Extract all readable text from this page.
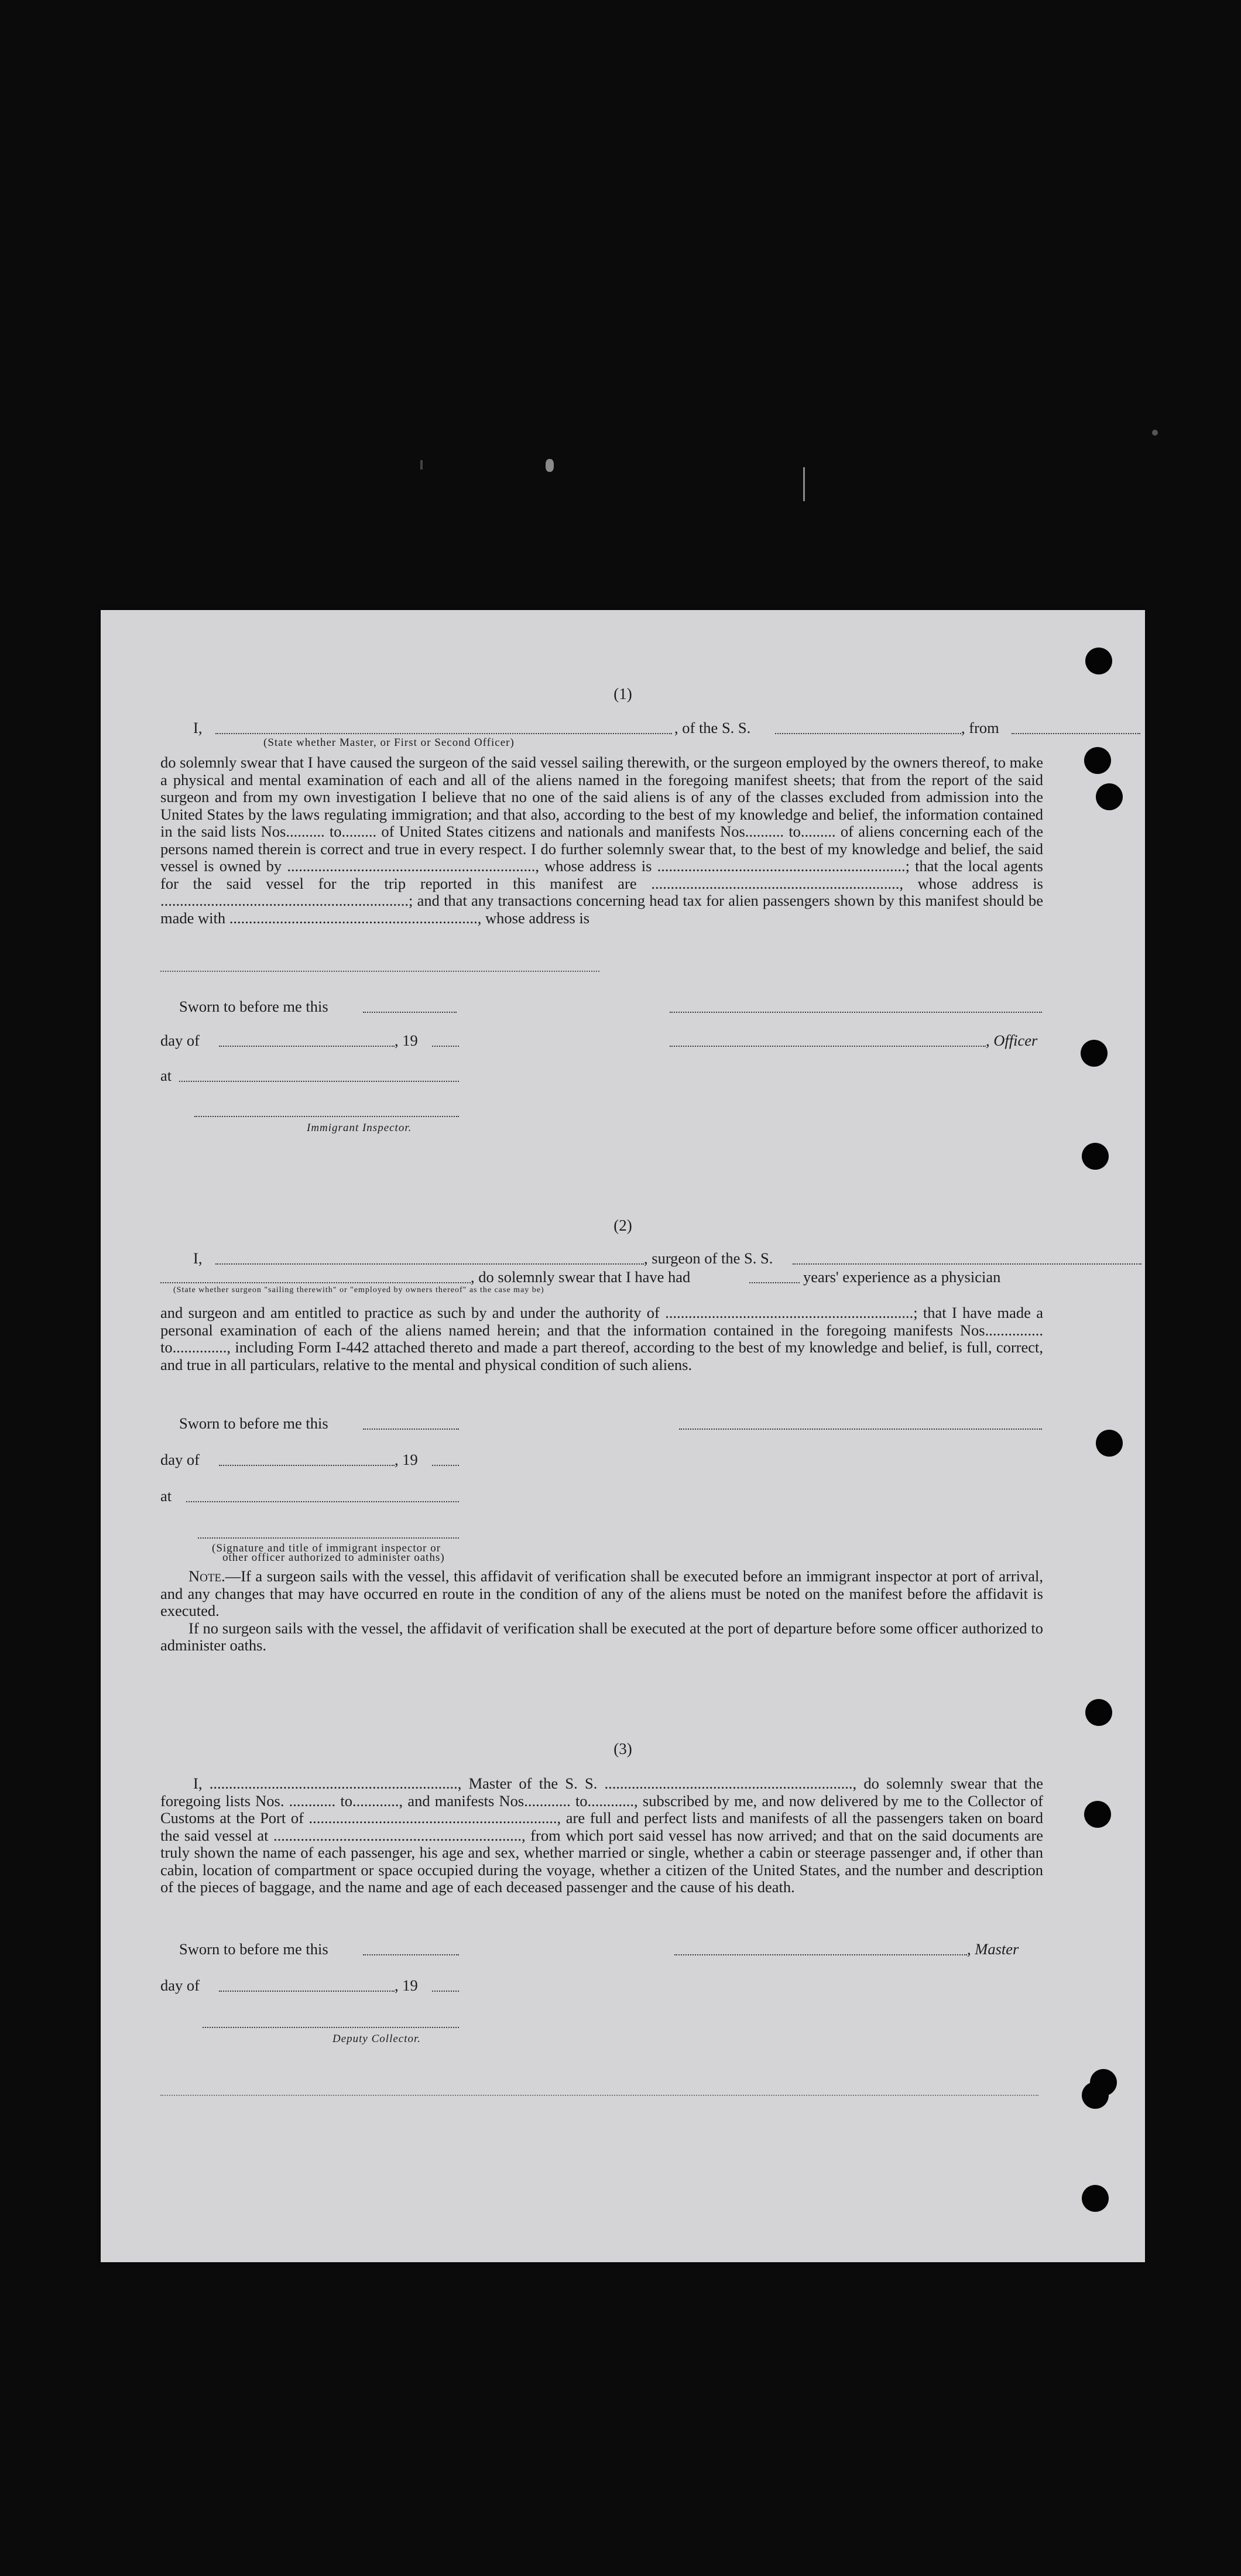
(1)
I,	, of the S. S.	, from
(State whether Master, or First or Second Officer)

do solemnly swear that I have caused the surgeon of the said vessel sailing therewith, or the surgeon employed by the owners thereof, to make a physical and mental examination of each and all of the aliens named in the foregoing manifest sheets; that from the report of the said surgeon and from my own investigation I believe that no one of the said aliens is of any of the classes excluded from admission into the United States by the laws regulating immigration; and that also, according to the best of my knowledge and belief, the information contained in the said lists Nos.......... to......... of United States citizens and nationals and manifests Nos.......... to......... of aliens concerning each of the persons named therein is correct and true in every respect. I do further solemnly swear that, to the best of my knowledge and belief, the said vessel is owned by ................................................................, whose address is ................................................................; that the local agents for the said vessel for the trip reported in this manifest are ................................................................, whose address is ................................................................; and that any transactions concerning head tax for alien passengers shown by this manifest should be made with ................................................................, whose address is

Sworn to before me this
day of	, 19	, Officer
at
Immigrant Inspector.
(2)
I,	, surgeon of the S. S.
, do solemnly swear that I have had	years' experience as a physician
(State whether surgeon "sailing therewith" or "employed by owners thereof" as the case may be)

and surgeon and am entitled to practice as such by and under the authority of ................................................................; that I have made a personal examination of each of the aliens named herein; and that the information contained in the foregoing manifests Nos............... to.............., including Form I-442 attached thereto and made a part thereof, according to the best of my knowledge and belief, is full, correct, and true in all particulars, relative to the mental and physical condition of such aliens.

Sworn to before me this
day of	, 19
at
(Signature and title of immigrant inspector or
other officer authorized to administer oaths)

Note.—If a surgeon sails with the vessel, this affidavit of verification shall be executed before an immigrant inspector at port of arrival, and any changes that may have occurred en route in the condition of any of the aliens must be noted on the manifest before the affidavit is executed.

If no surgeon sails with the vessel, the affidavit of verification shall be executed at the port of departure before some officer authorized to administer oaths.

(3)

I, ................................................................, Master of the S. S. ................................................................, do solemnly swear that the foregoing lists Nos. ............ to............, and manifests Nos............ to............, subscribed by me, and now delivered by me to the Collector of Customs at the Port of ................................................................, are full and perfect lists and manifests of all the passengers taken on board the said vessel at ................................................................, from which port said vessel has now arrived; and that on the said documents are truly shown the name of each passenger, his age and sex, whether married or single, whether a cabin or steerage passenger and, if other than cabin, location of compartment or space occupied during the voyage, whether a citizen of the United States, and the number and description of the pieces of baggage, and the name and age of each deceased passenger and the cause of his death.

Sworn to before me this	, Master
day of	, 19
Deputy Collector.
